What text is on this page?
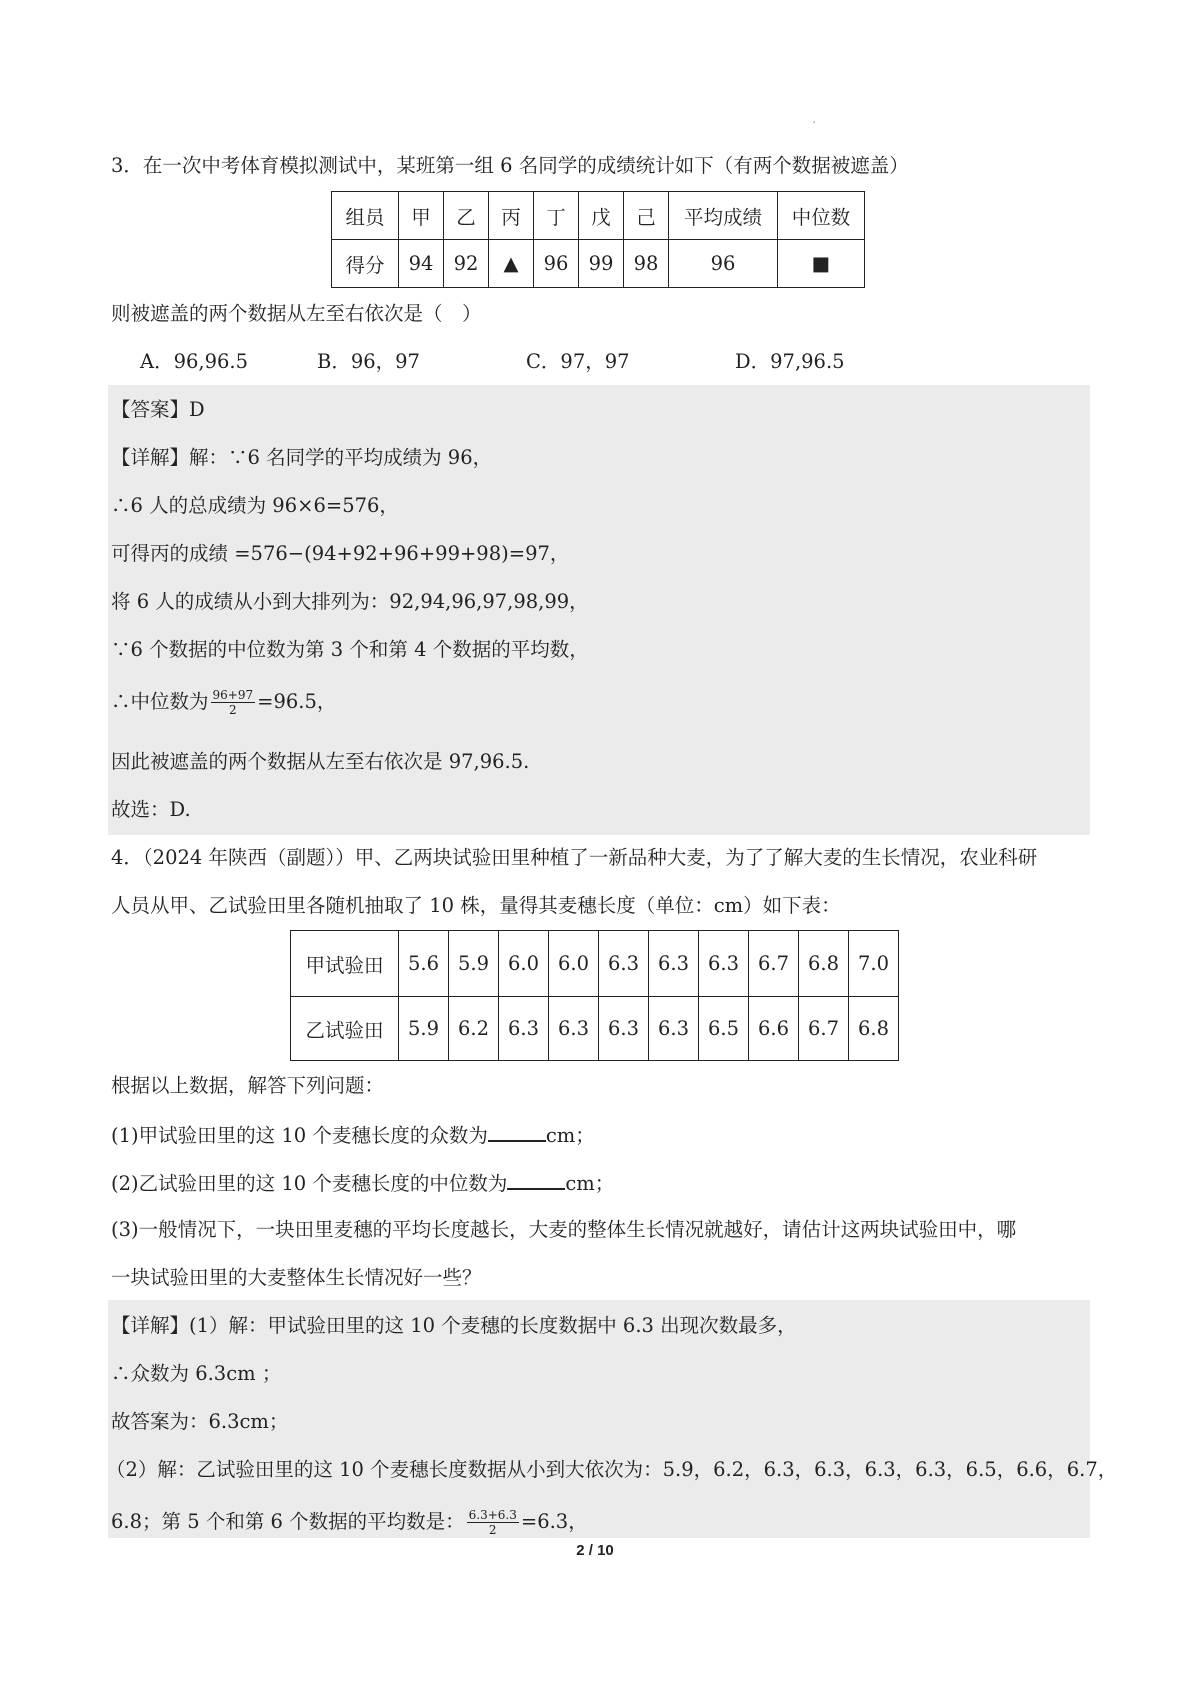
'
3．在一次中考体育模拟测试中，某班第一组 6 名同学的成绩统计如下（有两个数据被遮盖）
组员	甲	乙	丙	丁	戊	己	平均成绩	中位数
得分	94	92	▲	96	99	98	96	■
则被遮盖的两个数据从左至右依次是（　）
A．96,96.5	B．96，97	C．97，97	D．97,96.5
【答案】D
【详解】解：∵6 名同学的平均成绩为 96，
∴6 人的总成绩为 96×6=576，
可得丙的成绩 =576−(94+92+96+99+98)=97，
将 6 人的成绩从小到大排列为：92,94,96,97,98,99，
∵6 个数据的中位数为第 3 个和第 4 个数据的平均数，
∴中位数为 $\frac{96+97}{2} =96.5$，
因此被遮盖的两个数据从左至右依次是 97,96.5.
故选：D.
4．（2024 年陕西（副题））甲、乙两块试验田里种植了一新品种大麦，为了了解大麦的生长情况，农业科研
人员从甲、乙试验田里各随机抽取了 10 株，量得其麦穗长度（单位：cm）如下表：
甲试验田	5.6	5.9	6.0	6.0	6.3	6.3	6.3	6.7	6.8	7.0
乙试验田	5.9	6.2	6.3	6.3	6.3	6.3	6.5	6.6	6.7	6.8
根据以上数据，解答下列问题：
(1)甲试验田里的这 10 个麦穗长度的众数为	cm；
(2)乙试验田里的这 10 个麦穗长度的中位数为	cm；
(3)一般情况下，一块田里麦穗的平均长度越长，大麦的整体生长情况就越好，请估计这两块试验田中，哪
一块试验田里的大麦整体生长情况好一些？
【详解】(1）解：甲试验田里的这 10 个麦穗的长度数据中 6.3 出现次数最多，
∴众数为 6.3cm ；
故答案为：6.3cm；
（2）解：乙试验田里的这 10 个麦穗长度数据从小到大依次为：5.9，6.2，6.3，6.3，6.3，6.3，6.5，6.6，6.7，
6.8；第 5 个和第 6 个数据的平均数是： $\frac{6.3+6.3}{2} =6.3$，
2 / 10
